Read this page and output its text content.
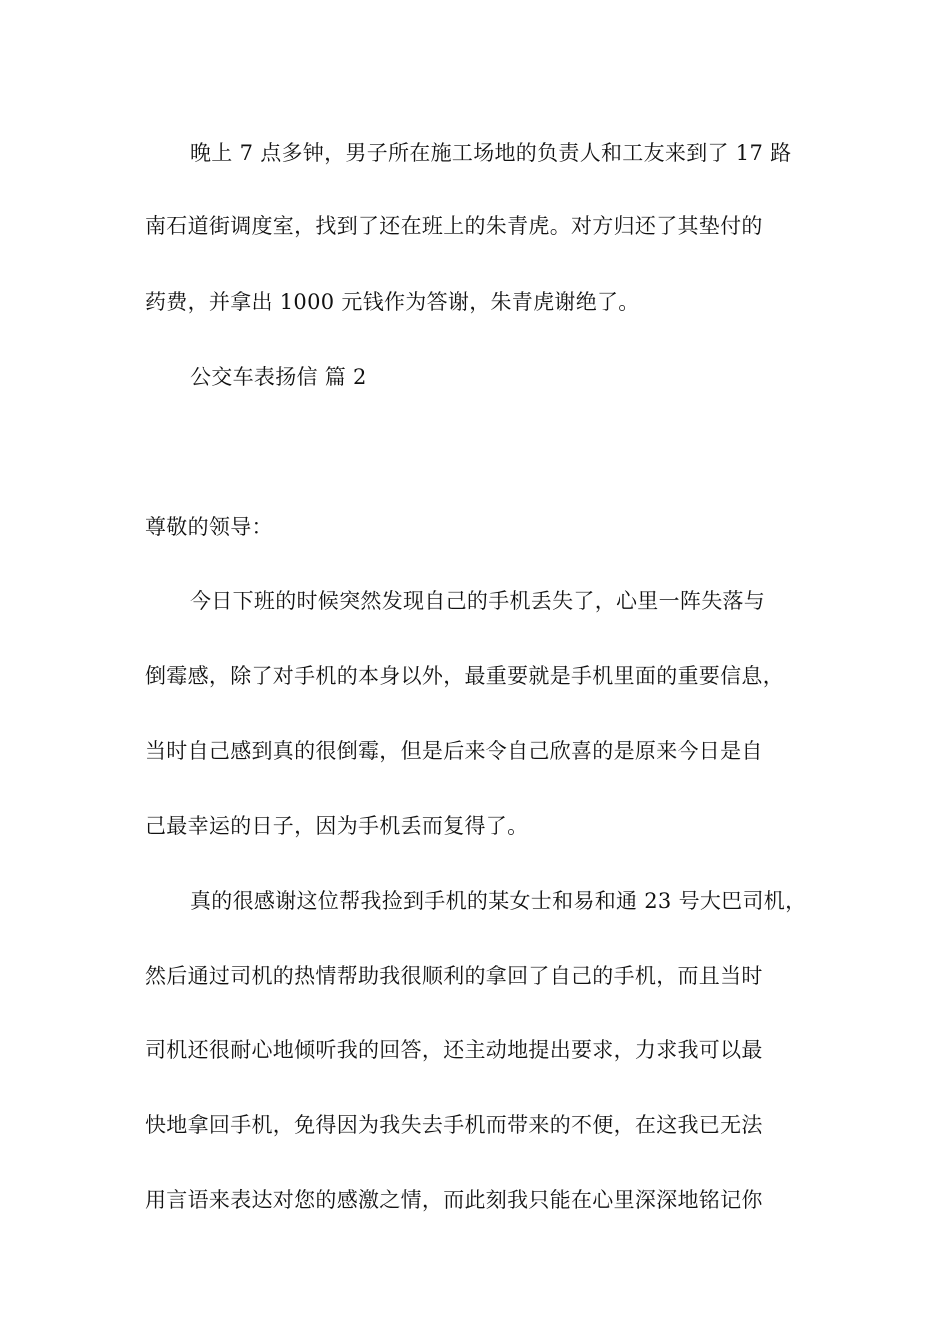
晚上 7 点多钟，男子所在施工场地的负责人和工友来到了 17 路
南石道街调度室，找到了还在班上的朱青虎。对方归还了其垫付的
药费，并拿出 1000 元钱作为答谢，朱青虎谢绝了。
公交车表扬信 篇 2
尊敬的领导：
今日下班的时候突然发现自己的手机丢失了，心里一阵失落与
倒霉感，除了对手机的本身以外，最重要就是手机里面的重要信息，
当时自己感到真的很倒霉，但是后来令自己欣喜的是原来今日是自
己最幸运的日子，因为手机丢而复得了。
真的很感谢这位帮我捡到手机的某女士和易和通 23 号大巴司机，
然后通过司机的热情帮助我很顺利的拿回了自己的手机，而且当时
司机还很耐心地倾听我的回答，还主动地提出要求，力求我可以最
快地拿回手机，免得因为我失去手机而带来的不便，在这我已无法
用言语来表达对您的感激之情，而此刻我只能在心里深深地铭记你
